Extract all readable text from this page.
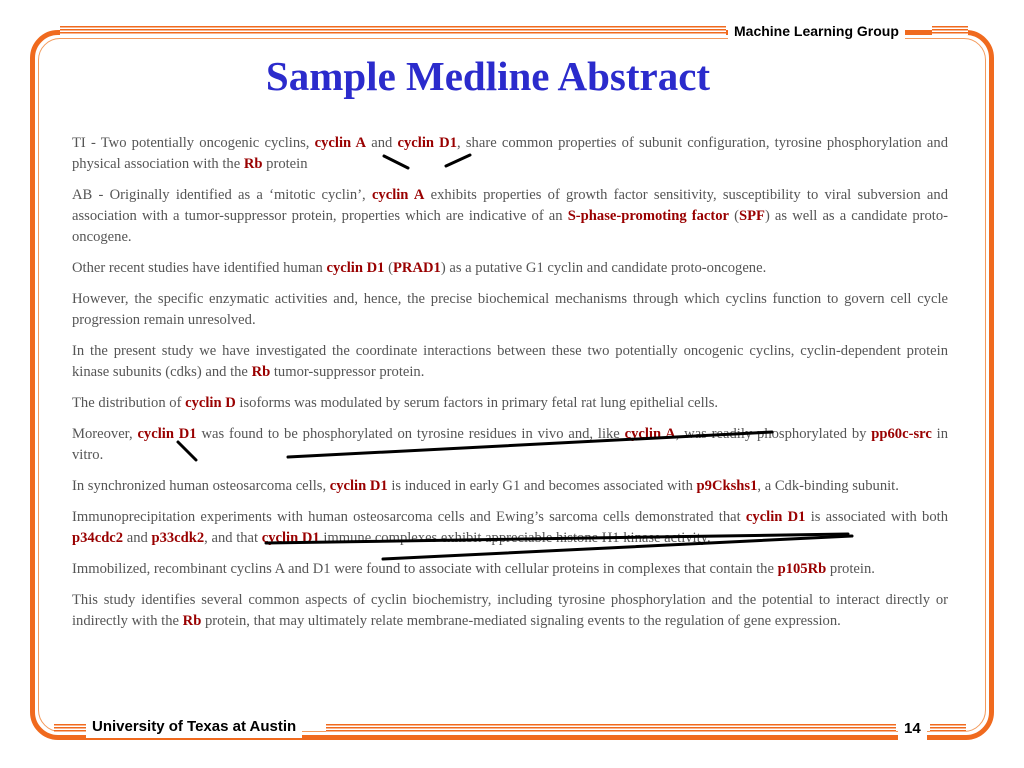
Machine Learning Group
Sample Medline Abstract

TI - Two potentially oncogenic cyclins, cyclin A and cyclin D1, share common properties of subunit configuration, tyrosine phosphorylation and physical association with the Rb protein

AB - Originally identified as a ‘mitotic cyclin’, cyclin A exhibits properties of growth factor sensitivity, susceptibility to viral subversion and association with a tumor-suppressor protein, properties which are indicative of an S-phase-promoting factor (SPF) as well as a candidate proto-oncogene.

Other recent studies have identified human cyclin D1 (PRAD1) as a putative G1 cyclin and candidate proto-oncogene.

However, the specific enzymatic activities and, hence, the precise biochemical mechanisms through which cyclins function to govern cell cycle progression remain unresolved.

In the present study we have investigated the coordinate interactions between these two potentially oncogenic cyclins, cyclin-dependent protein kinase subunits (cdks) and the Rb tumor-suppressor protein.

The distribution of cyclin D isoforms was modulated by serum factors in primary fetal rat lung epithelial cells.

Moreover, cyclin D1 was found to be phosphorylated on tyrosine residues in vivo and, like cyclin A, was readily phosphorylated by pp60c-src in vitro.

In synchronized human osteosarcoma cells, cyclin D1 is induced in early G1 and becomes associated with p9Ckshs1, a Cdk-binding subunit.

Immunoprecipitation experiments with human osteosarcoma cells and Ewing’s sarcoma cells demonstrated that cyclin D1 is associated with both p34cdc2 and p33cdk2, and that cyclin D1 immune complexes exhibit appreciable histone H1 kinase activity.

Immobilized, recombinant cyclins A and D1 were found to associate with cellular proteins in complexes that contain the p105Rb protein.

This study identifies several common aspects of cyclin biochemistry, including tyrosine phosphorylation and the potential to interact directly or indirectly with the Rb protein, that may ultimately relate membrane-mediated signaling events to the regulation of gene expression.

University of Texas at Austin	14
